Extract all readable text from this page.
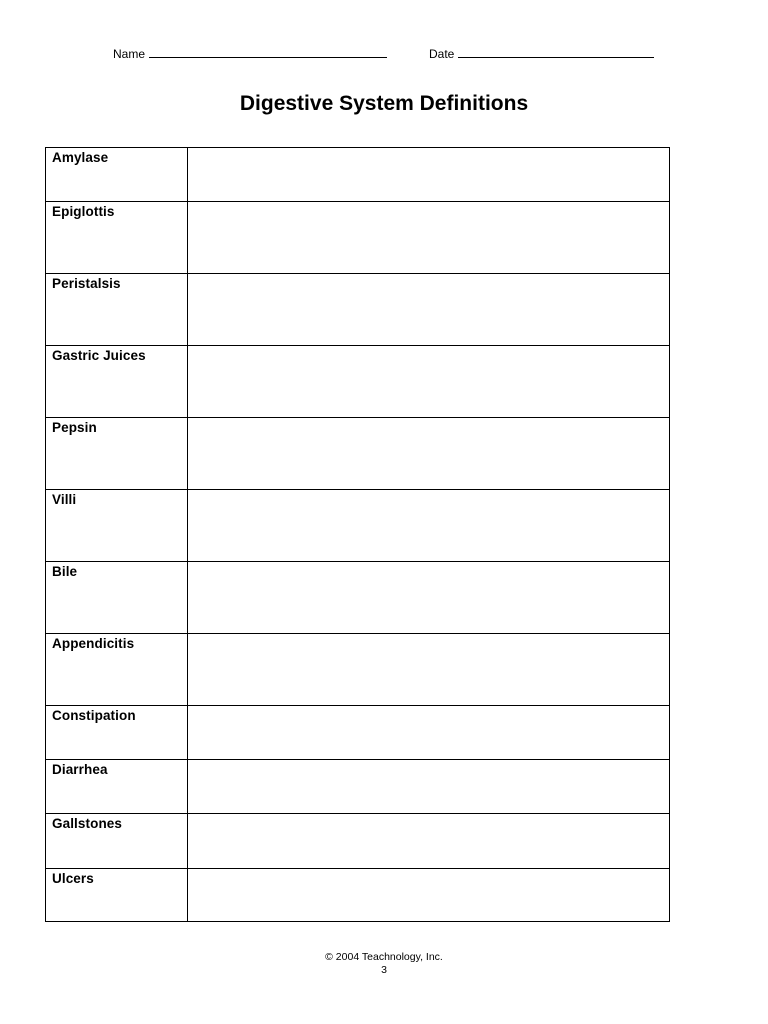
Name	Date
Digestive System Definitions
Amylase	
Epiglottis	
Peristalsis	
Gastric Juices	
Pepsin	
Villi	
Bile	
Appendicitis	
Constipation	
Diarrhea	
Gallstones	
Ulcers	
© 2004 Teachnology, Inc.
3
